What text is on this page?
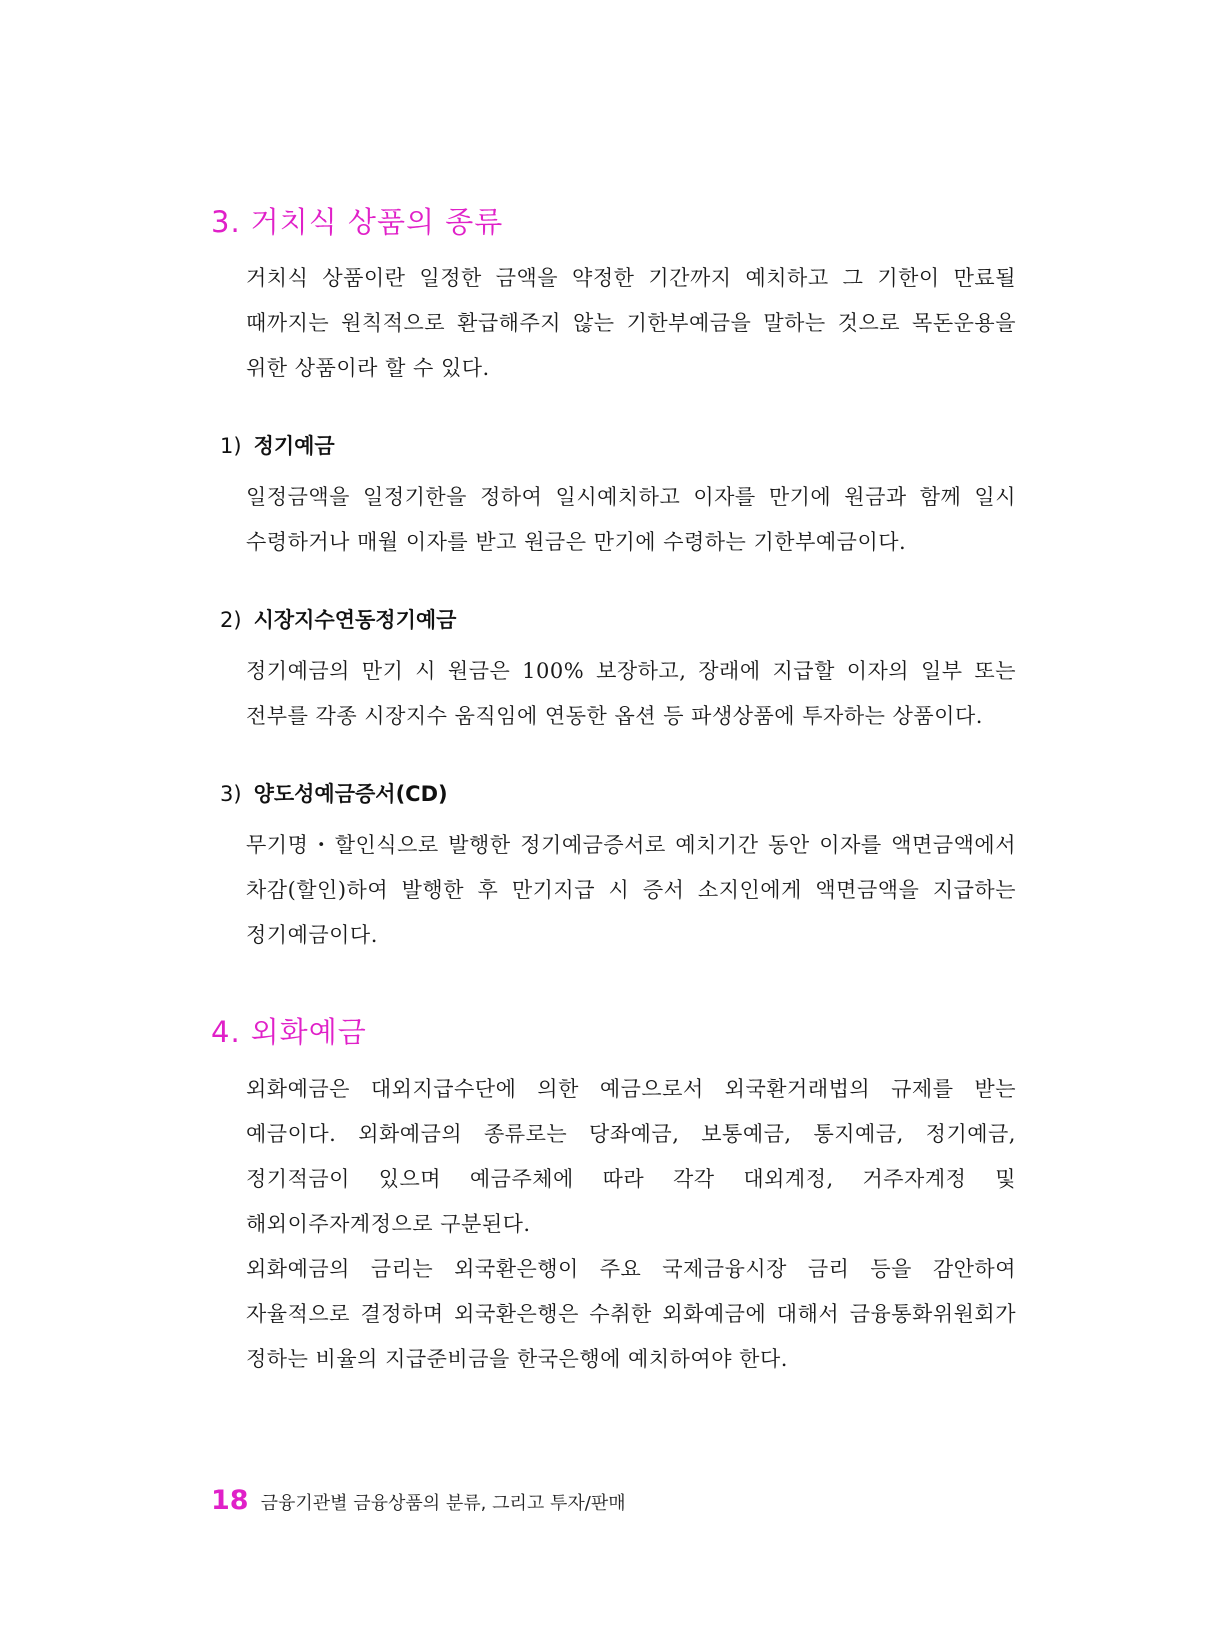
3. 거치식 상품의 종류

거치식 상품이란 일정한 금액을 약정한 기간까지 예치하고 그 기한이 만료될 때까지는 원칙적으로 환급해주지 않는 기한부예금을 말하는 것으로 목돈운용을 위한 상품이라 할 수 있다.

1) 정기예금

일정금액을 일정기한을 정하여 일시예치하고 이자를 만기에 원금과 함께 일시 수령하거나 매월 이자를 받고 원금은 만기에 수령하는 기한부예금이다.

2) 시장지수연동정기예금

정기예금의 만기 시 원금은 100% 보장하고, 장래에 지급할 이자의 일부 또는 전부를 각종 시장지수 움직임에 연동한 옵션 등 파생상품에 투자하는 상품이다.

3) 양도성예금증서(CD)

무기명・할인식으로 발행한 정기예금증서로 예치기간 동안 이자를 액면금액에서 차감(할인)하여 발행한 후 만기지급 시 증서 소지인에게 액면금액을 지급하는 정기예금이다.

4. 외화예금

외화예금은 대외지급수단에 의한 예금으로서 외국환거래법의 규제를 받는 예금이다. 외화예금의 종류로는 당좌예금, 보통예금, 통지예금, 정기예금, 정기적금이 있으며 예금주체에 따라 각각 대외계정, 거주자계정 및 해외이주자계정으로 구분된다.

외화예금의 금리는 외국환은행이 주요 국제금융시장 금리 등을 감안하여 자율적으로 결정하며 외국환은행은 수취한 외화예금에 대해서 금융통화위원회가 정하는 비율의 지급준비금을 한국은행에 예치하여야 한다.

18 금융기관별 금융상품의 분류, 그리고 투자/판매
